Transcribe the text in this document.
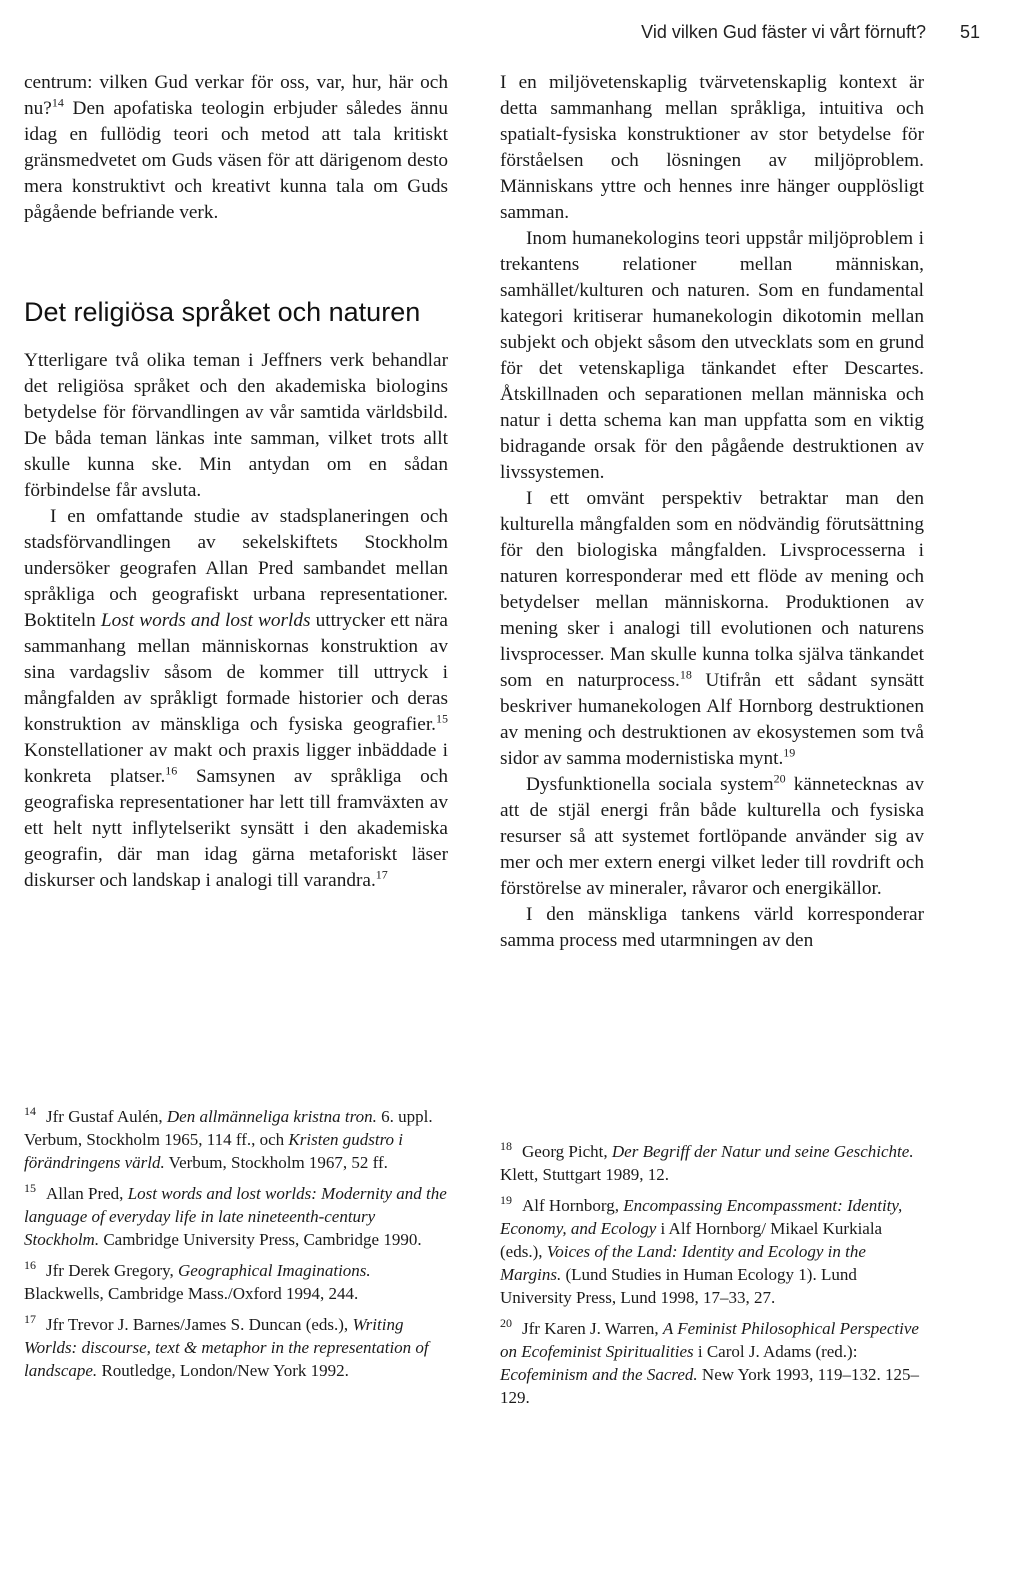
Vid vilken Gud fäster vi vårt förnuft? 51

centrum: vilken Gud verkar för oss, var, hur, här och nu?$^{14}$ Den apofatiska teologin erbjuder således ännu idag en fullödig teori och metod att tala kritiskt gränsmedvetet om Guds väsen för att därigenom desto mera konstruktivt och kreativt kunna tala om Guds pågående befriande verk.

Det religiösa språket och naturen

Ytterligare två olika teman i Jeffners verk behandlar det religiösa språket och den akademiska biologins betydelse för förvandlingen av vår samtida världsbild. De båda teman länkas inte samman, vilket trots allt skulle kunna ske. Min antydan om en sådan förbindelse får avsluta.

I en omfattande studie av stadsplaneringen och stadsförvandlingen av sekelskiftets Stockholm undersöker geografen Allan Pred sambandet mellan språkliga och geografiskt urbana representationer. Boktiteln Lost words and lost worlds uttrycker ett nära sammanhang mellan människornas konstruktion av sina vardagsliv såsom de kommer till uttryck i mångfalden av språkligt formade historier och deras konstruktion av mänskliga och fysiska geografier.$^{15}$ Konstellationer av makt och praxis ligger inbäddade i konkreta platser.$^{16}$ Samsynen av språkliga och geografiska representationer har lett till framväxten av ett helt nytt inflytelserikt synsätt i den akademiska geografin, där man idag gärna metaforiskt läser diskurser och landskap i analogi till varandra.$^{17}$

I en miljövetenskaplig tvärvetenskaplig kontext är detta sammanhang mellan språkliga, intuitiva och spatialt-fysiska konstruktioner av stor betydelse för förståelsen och lösningen av miljöproblem. Människans yttre och hennes inre hänger oupplösligt samman.

Inom humanekologins teori uppstår miljöproblem i trekantens relationer mellan människan, samhället/kulturen och naturen. Som en fundamental kategori kritiserar humanekologin dikotomin mellan subjekt och objekt såsom den utvecklats som en grund för det vetenskapliga tänkandet efter Descartes. Åtskillnaden och separationen mellan människa och natur i detta schema kan man uppfatta som en viktig bidragande orsak för den pågående destruktionen av livssystemen.

I ett omvänt perspektiv betraktar man den kulturella mångfalden som en nödvändig förutsättning för den biologiska mångfalden. Livsprocesserna i naturen korresponderar med ett flöde av mening och betydelser mellan människorna. Produktionen av mening sker i analogi till evolutionen och naturens livsprocesser. Man skulle kunna tolka själva tänkandet som en naturprocess.$^{18}$ Utifrån ett sådant synsätt beskriver humanekologen Alf Hornborg destruktionen av mening och destruktionen av ekosystemen som två sidor av samma modernistiska mynt.$^{19}$

Dysfunktionella sociala system$^{20}$ kännetecknas av att de stjäl energi från både kulturella och fysiska resurser så att systemet fortlöpande använder sig av mer och mer extern energi vilket leder till rovdrift och förstörelse av mineraler, råvaror och energikällor.

I den mänskliga tankens värld korresponderar samma process med utarmningen av den

$^{14}$ Jfr Gustaf Aulén, Den allmänneliga kristna tron. 6. uppl. Verbum, Stockholm 1965, 114 ff., och Kristen gudstro i förändringens värld. Verbum, Stockholm 1967, 52 ff.

$^{15}$ Allan Pred, Lost words and lost worlds: Modernity and the language of everyday life in late nineteenth-century Stockholm. Cambridge University Press, Cambridge 1990.

$^{16}$ Jfr Derek Gregory, Geographical Imaginations. Blackwells, Cambridge Mass./Oxford 1994, 244.

$^{17}$ Jfr Trevor J. Barnes/James S. Duncan (eds.), Writing Worlds: discourse, text & metaphor in the representation of landscape. Routledge, London/New York 1992.

$^{18}$ Georg Picht, Der Begriff der Natur und seine Geschichte. Klett, Stuttgart 1989, 12.

$^{19}$ Alf Hornborg, Encompassing Encompassment: Identity, Economy, and Ecology i Alf Hornborg/ Mikael Kurkiala (eds.), Voices of the Land: Identity and Ecology in the Margins. (Lund Studies in Human Ecology 1). Lund University Press, Lund 1998, 17–33, 27.

$^{20}$ Jfr Karen J. Warren, A Feminist Philosophical Perspective on Ecofeminist Spiritualities i Carol J. Adams (red.): Ecofeminism and the Sacred. New York 1993, 119–132. 125–129.
